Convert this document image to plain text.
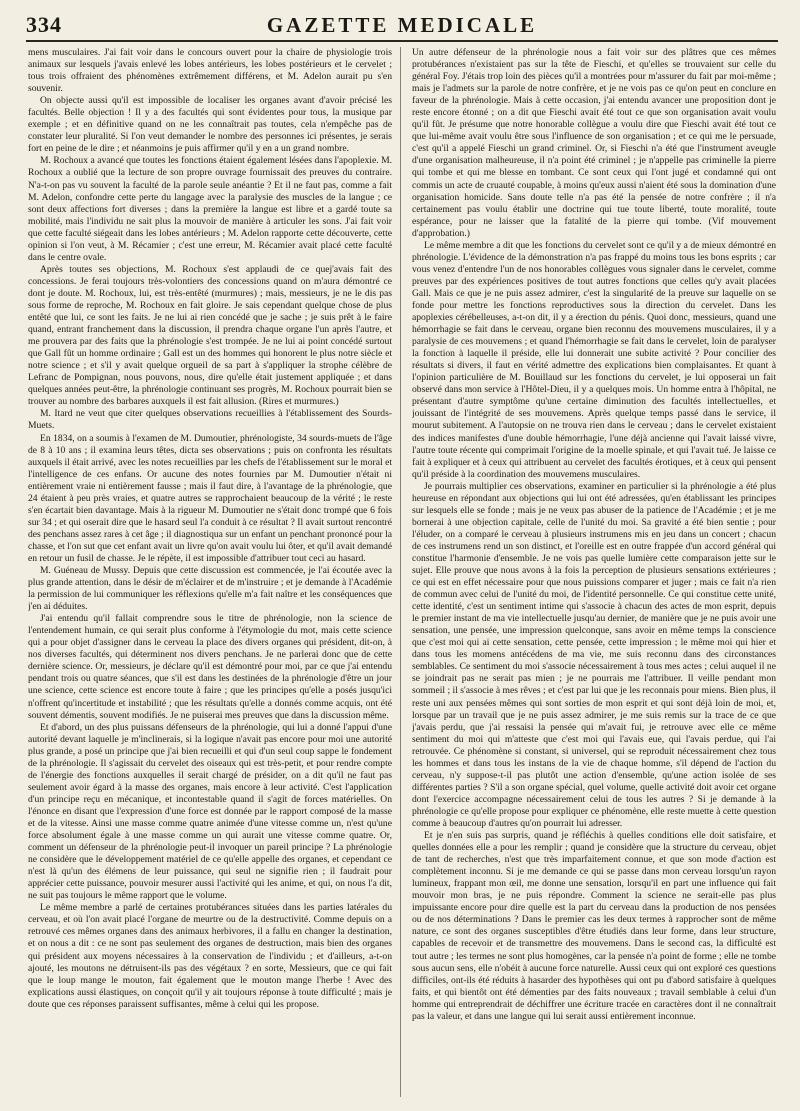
334	GAZETTE MEDICALE

mens musculaires. J'ai fait voir dans le concours ouvert pour la chaire de physiologie trois animaux sur lesquels j'avais enlevé les lobes antérieurs, les lobes postérieurs et le cervelet ; tous trois offraient des phénomènes extrêmement différens, et M. Adelon aurait pu s'en souvenir.

On objecte aussi qu'il est impossible de localiser les organes avant d'avoir précisé les facultés. Belle objection ! Il y a des facultés qui sont évidentes pour tous, la musique par exemple ; et en définitive quand on ne les connaîtrait pas toutes, cela n'empêche pas de constater leur pluralité. Si l'on veut demander le nombre des personnes ici présentes, je serais fort en peine de le dire ; et néanmoins je puis affirmer qu'il y en a un grand nombre.

M. Rochoux a avancé que toutes les fonctions étaient également lésées dans l'apoplexie. M. Rochoux a oublié que la lecture de son propre ouvrage fournissait des preuves du contraire. N'a-t-on pas vu souvent la faculté de la parole seule anéantie ? Et il ne faut pas, comme a fait M. Adelon, confondre cette perte du langage avec la paralysie des muscles de la langue ; ce sont deux affections fort diverses ; dans la première la langue est libre et a gardé toute sa mobilité, mais l'individu ne sait plus la mouvoir de manière à articuler les sons. J'ai fait voir que cette faculté siégeait dans les lobes antérieurs ; M. Adelon rapporte cette découverte, cette opinion si l'on veut, à M. Récamier ; c'est une erreur, M. Récamier avait placé cette faculté dans le centre ovale.

Après toutes ses objections, M. Rochoux s'est applaudi de ce quej'avais fait des concessions. Je ferai toujours très-volontiers des concessions quand on m'aura démontré ce dont je doute. M. Rochoux, lui, est très-entêté (murmures) ; mais, messieurs, je ne le dis pas sous forme de reproche, M. Rochoux en fait gloire. Je sais cependant quelque chose de plus entêté que lui, ce sont les faits. Je ne lui ai rien concédé que je sache ; je suis prêt à le faire quand, entrant franchement dans la discussion, il prendra chaque organe l'un après l'autre, et me prouvera par des faits que la phrénologie s'est trompée. Je ne lui ai point concédé surtout que Gall fût un homme ordinaire ; Gall est un des hommes qui honorent le plus notre siècle et notre science ; et s'il y avait quelque orgueil de sa part à s'appliquer la strophe célèbre de Lefranc de Pompignan, nous pouvons, nous, dire qu'elle était justement appliquée ; et dans quelques années peut-être, la phrénologie continuant ses progrès, M. Rochoux pourrait bien se trouver au nombre des barbares auxquels il est fait allusion. (Rires et murmures.)

M. Itard ne veut que citer quelques observations recueillies à l'établissement des Sourds-Muets.

En 1834, on a soumis à l'examen de M. Dumoutier, phrénologiste, 34 sourds-muets de l'âge de 8 à 10 ans ; il examina leurs têtes, dicta ses observations ; puis on confronta les résultats auxquels il était arrivé, avec les notes recueillies par les chefs de l'établissement sur le moral et l'intelligence de ces enfans. Or aucune des notes fournies par M. Dumoutier n'était ni entièrement vraie ni entièrement fausse ; mais il faut dire, à l'avantage de la phrénologie, que 24 étaient à peu près vraies, et quatre autres se rapprochaient beaucoup de la vérité ; le reste s'en écartait bien davantage. Mais à la rigueur M. Dumoutier ne s'était donc trompé que 6 fois sur 34 ; et qui oserait dire que le hasard seul l'a conduit à ce résultat ? Il avait surtout rencontré des penchans assez rares à cet âge ; il diagnostiqua sur un enfant un penchant prononcé pour la chasse, et l'on sut que cet enfant avait un livre qu'on avait voulu lui ôter, et qu'il avait demandé en retour un fusil de chasse. Je le répète, il est impossible d'attribuer tout ceci au hasard.

M. Guéneau de Mussy. Depuis que cette discussion est commencée, je l'ai écoutée avec la plus grande attention, dans le désir de m'éclairer et de m'instruire ; et je demande à l'Académie la permission de lui communiquer les réflexions qu'elle m'a fait naître et les conséquences que j'en ai déduites.

J'ai entendu qu'il fallait comprendre sous le titre de phrénologie, non la science de l'entendement humain, ce qui serait plus conforme à l'étymologie du mot, mais cette science qui a pour objet d'assigner dans le cerveau la place des divers organes qui président, dit-on, à nos diverses facultés, qui déterminent nos divers penchans. Je ne parlerai donc que de cette dernière science. Or, messieurs, je déclare qu'il est démontré pour moi, par ce que j'ai entendu pendant trois ou quatre séances, que s'il est dans les destinées de la phrénologie d'être un jour une science, cette science est encore toute à faire ; que les principes qu'elle a posés jusqu'ici n'offrent qu'incertitude et instabilité ; que les résultats qu'elle a donnés comme acquis, ont été souvent démentis, souvent modifiés. Je ne puiserai mes preuves que dans la discussion même.

Et d'abord, un des plus puissans défenseurs de la phrénologie, qui lui a donné l'appui d'une autorité devant laquelle je m'inclinerais, si la logique n'avait pas encore pour moi une autorité plus grande, a posé un principe que j'ai bien recueilli et qui d'un seul coup sappe le fondement de la phrénologie. Il s'agissait du cervelet des oiseaux qui est très-petit, et pour rendre compte de l'énergie des fonctions auxquelles il serait chargé de présider, on a dit qu'il ne faut pas seulement avoir égard à la masse des organes, mais encore à leur activité. C'est l'application d'un principe reçu en mécanique, et incontestable quand il s'agit de forces matérielles. On l'énonce en disant que l'expression d'une force est donnée par le rapport composé de la masse et de la vitesse. Ainsi une masse comme quatre animée d'une vitesse comme un, n'est qu'une force absolument égale à une masse comme un qui aurait une vitesse comme quatre. Or, comment un défenseur de la phrénologie peut-il invoquer un pareil principe ? La phrénologie ne considère que le développement matériel de ce qu'elle appelle des organes, et cependant ce n'est là qu'un des élémens de leur puissance, qui seul ne signifie rien ; il faudrait pour apprécier cette puissance, pouvoir mesurer aussi l'activité qui les anime, et qui, on nous l'a dit, ne suit pas toujours le même rapport que le volume.

Le même membre a parlé de certaines protubérances situées dans les parties latérales du cerveau, et où l'on avait placé l'organe de meurtre ou de la destructivité. Comme depuis on a retrouvé ces mêmes organes dans des animaux herbivores, il a fallu en changer la destination, et on nous a dit : ce ne sont pas seulement des organes de destruction, mais bien des organes qui président aux moyens nécessaires à la conservation de l'individu ; et d'ailleurs, a-t-on ajouté, les moutons ne détruisent-ils pas des végétaux ? en sorte, Messieurs, que ce qui fait que le loup mange le mouton, fait également que le mouton mange l'herbe ! Avec des explications aussi élastiques, on conçoit qu'il y ait toujours réponse à toute difficulté ; mais je doute que ces réponses paraissent suffisantes, même à celui qui les propose.

Un autre défenseur de la phrénologie nous a fait voir sur des plâtres que ces mêmes protubérances n'existaient pas sur la tête de Fieschi, et qu'elles se trouvaient sur celle du général Foy. J'étais trop loin des pièces qu'il a montrées pour m'assurer du fait par moi-même ; mais je l'admets sur la parole de notre confrère, et je ne vois pas ce qu'on peut en conclure en faveur de la phrénologie. Mais à cette occasion, j'ai entendu avancer une proposition dont je reste encore étonné ; on a dit que Fieschi avait été tout ce que son organisation avait voulu qu'il fût. Je présume que notre honorable collègue a voulu dire que Fieschi avait été tout ce que lui-même avait voulu être sous l'influence de son organisation ; et ce qui me le persuade, c'est qu'il a appelé Fieschi un grand criminel. Or, si Fieschi n'a été que l'instrument aveugle d'une organisation malheureuse, il n'a point été criminel ; je n'appelle pas criminelle la pierre qui tombe et qui me blesse en tombant. Ce sont ceux qui l'ont jugé et condamné qui ont commis un acte de cruauté coupable, à moins qu'eux aussi n'aient été sous la domination d'une organisation homicide. Sans doute telle n'a pas été la pensée de notre confrère ; il n'a certainement pas voulu établir une doctrine qui tue toute liberté, toute moralité, toute espérance, pour ne laisser que la fatalité de la pierre qui tombe. (Vif mouvement d'approbation.)

Le même membre a dit que les fonctions du cervelet sont ce qu'il y a de mieux démontré en phrénologie. L'évidence de la démonstration n'a pas frappé du moins tous les bons esprits ; car vous venez d'entendre l'un de nos honorables collègues vous signaler dans le cervelet, comme preuves par des expériences positives de tout autres fonctions que celles qu'y avait placées Gall. Mais ce que je ne puis assez admirer, c'est la singularité de la preuve sur laquelle on se fonde pour mettre les fonctions reproductives sous la direction du cervelet. Dans les apoplexies cérébelleuses, a-t-on dit, il y a érection du pénis. Quoi donc, messieurs, quand une hémorrhagie se fait dans le cerveau, organe bien reconnu des mouvemens musculaires, il y a paralysie de ces mouvemens ; et quand l'hémorrhagie se fait dans le cervelet, loin de paralyser la fonction à laquelle il préside, elle lui donnerait une subite activité ? Pour concilier des résultats si divers, il faut en vérité admettre des explications bien complaisantes. Et quant à l'opinion particulière de M. Bouillaud sur les fonctions du cervelet, je lui opposerai un fait observé dans mon service à l'Hôtel-Dieu, il y a quelques mois. Un homme entra à l'hôpital, ne présentant d'autre symptôme qu'une certaine diminution des facultés intellectuelles, et jouissant de l'intégrité de ses mouvemens. Après quelque temps passé dans le service, il mourut subitement. A l'autopsie on ne trouva rien dans le cerveau ; dans le cervelet existaient des indices manifestes d'une double hémorrhagie, l'une déjà ancienne qui l'avait laissé vivre, l'autre toute récente qui comprimait l'origine de la moelle spinale, et qui l'avait tué. Je laisse ce fait à expliquer et à ceux qui attribuent au cervelet des facultés érotiques, et à ceux qui pensent qu'il préside à la coordination des mouvemens musculaires.

Je pourrais multiplier ces observations, examiner en particulier si la phrénologie a été plus heureuse en répondant aux objections qui lui ont été adressées, qu'en établissant les principes sur lesquels elle se fonde ; mais je ne veux pas abuser de la patience de l'Académie ; et je me bornerai à une objection capitale, celle de l'unité du moi. Sa gravité a été bien sentie ; pour l'éluder, on a comparé le cerveau à plusieurs instrumens mis en jeu dans un concert ; chacun de ces instrumens rend un son distinct, et l'oreille est en outre frappée d'un accord général qui constitue l'harmonie d'ensemble. Je ne vois pas quelle lumière cette comparaison jette sur le sujet. Elle prouve que nous avons à la fois la perception de plusieurs sensations extérieures ; ce qui est en effet nécessaire pour que nous puissions comparer et juger ; mais ce fait n'a rien de commun avec celui de l'unité du moi, de l'identité personnelle. Ce qui constitue cette unité, cette identité, c'est un sentiment intime qui s'associe à chacun des actes de mon esprit, depuis le premier instant de ma vie intellectuelle jusqu'au dernier, de manière que je ne puis avoir une sensation, une pensée, une impression quelconque, sans avoir en même temps la conscience que c'est moi qui ai cette sensation, cette pensée, cette impression ; le même moi qui hier et dans tous les momens antécédens de ma vie, me suis reconnu dans des circonstances semblables. Ce sentiment du moi s'associe nécessairement à tous mes actes ; celui auquel il ne se joindrait pas ne serait pas mien ; je ne pourrais me l'attribuer. Il veille pendant mon sommeil ; il s'associe à mes rêves ; et c'est par lui que je les reconnais pour miens. Bien plus, il reste uni aux pensées mêmes qui sont sorties de mon esprit et qui sont déjà loin de moi, et, lorsque par un travail que je ne puis assez admirer, je me suis remis sur la trace de ce que j'avais perdu, que j'ai ressaisi la pensée qui m'avait fui, je retrouve avec elle ce même sentiment du moi qui m'atteste que c'est moi qui l'avais eue, qui l'avais perdue, qui l'ai retrouvée. Ce phénomène si constant, si universel, qui se reproduit nécessairement chez tous les hommes et dans tous les instans de la vie de chaque homme, s'il dépend de l'action du cerveau, n'y suppose-t-il pas plutôt une action d'ensemble, qu'une action isolée de ses différentes parties ? S'il a son organe spécial, quel volume, quelle activité doit avoir cet organe dont l'exercice accompagne nécessairement celui de tous les autres ? Si je demande à la phrénologie ce qu'elle propose pour expliquer ce phénomène, elle reste muette à cette question comme à beaucoup d'autres qu'on pourrait lui adresser.

Et je n'en suis pas surpris, quand je réfléchis à quelles conditions elle doit satisfaire, et quelles données elle a pour les remplir ; quand je considère que la structure du cerveau, objet de tant de recherches, n'est que très imparfaitement connue, et que son mode d'action est complètement inconnu. Si je me demande ce qui se passe dans mon cerveau lorsqu'un rayon lumineux, frappant mon œil, me donne une sensation, lorsqu'il en part une influence qui fait mouvoir mon bras, je ne puis répondre. Comment la science ne serait-elle pas plus impuissante encore pour dire quelle est la part du cerveau dans la production de nos pensées ou de nos déterminations ? Dans le premier cas les deux termes à rapprocher sont de même nature, ce sont des organes susceptibles d'être étudiés dans leur forme, dans leur structure, capables de recevoir et de transmettre des mouvemens. Dans le second cas, la difficulté est tout autre ; les termes ne sont plus homogènes, car la pensée n'a point de forme ; elle ne tombe sous aucun sens, elle n'obéit à aucune force naturelle. Aussi ceux qui ont exploré ces questions difficiles, ont-ils été réduits à hasarder des hypothèses qui ont pu d'abord satisfaire à quelques faits, et qui bientôt ont été démenties par des faits nouveaux ; travail semblable à celui d'un homme qui entreprendrait de déchiffrer une écriture tracée en caractères dont il ne connaîtrait pas la valeur, et dans une langue qui lui serait aussi entièrement inconnue.
